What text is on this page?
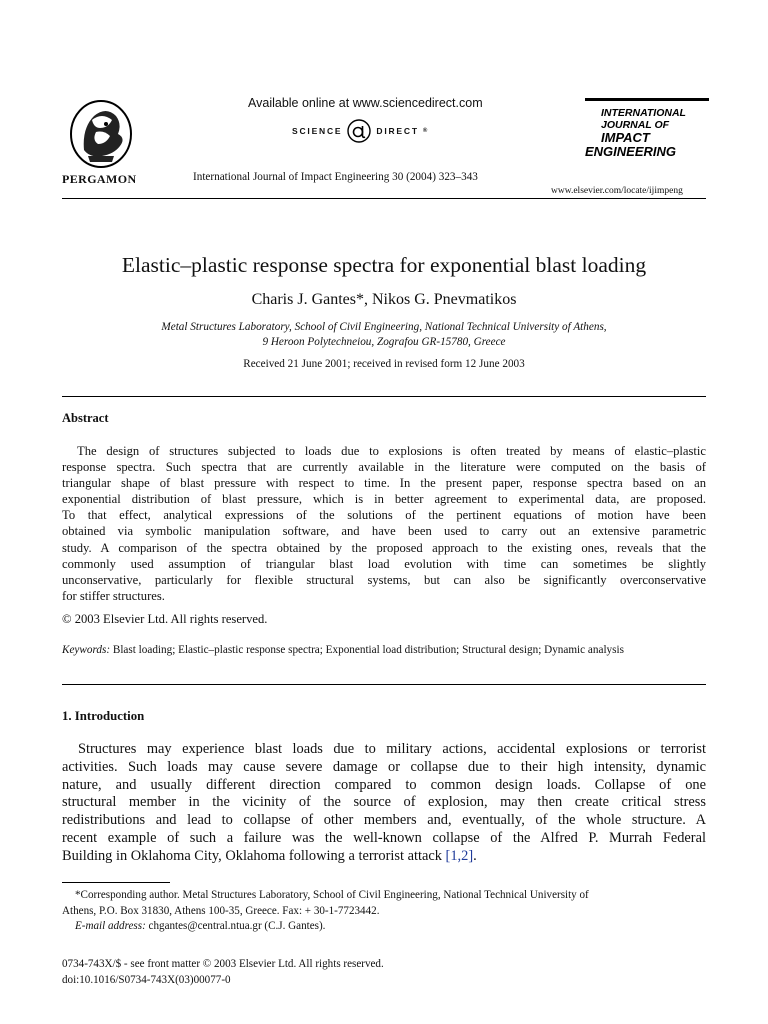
PERGAMON
Available online at www.sciencedirect.com
SCIENCE	DIRECT ®
International Journal of Impact Engineering 30 (2004) 323–343
INTERNATIONAL
JOURNAL OF
IMPACT
ENGINEERING
www.elsevier.com/locate/ijimpeng
Elastic–plastic response spectra for exponential blast loading
Charis J. Gantes*, Nikos G. Pnevmatikos
Metal Structures Laboratory, School of Civil Engineering, National Technical University of Athens,
9 Heroon Polytechneiou, Zografou GR-15780, Greece
Received 21 June 2001; received in revised form 12 June 2003
Abstract
The design of structures subjected to loads due to explosions is often treated by means of elastic–plastic
response spectra. Such spectra that are currently available in the literature were computed on the basis of
triangular shape of blast pressure with respect to time. In the present paper, response spectra based on an
exponential distribution of blast pressure, which is in better agreement to experimental data, are proposed.
To that effect, analytical expressions of the solutions of the pertinent equations of motion have been
obtained via symbolic manipulation software, and have been used to carry out an extensive parametric
study. A comparison of the spectra obtained by the proposed approach to the existing ones, reveals that the
commonly used assumption of triangular blast load evolution with time can sometimes be slightly
unconservative, particularly for flexible structural systems, but can also be significantly overconservative
for stiffer structures.
© 2003 Elsevier Ltd. All rights reserved.
Keywords: Blast loading; Elastic–plastic response spectra; Exponential load distribution; Structural design; Dynamic analysis
1. Introduction
Structures may experience blast loads due to military actions, accidental explosions or terrorist
activities. Such loads may cause severe damage or collapse due to their high intensity, dynamic
nature, and usually different direction compared to common design loads. Collapse of one
structural member in the vicinity of the source of explosion, may then create critical stress
redistributions and lead to collapse of other members and, eventually, of the whole structure. A
recent example of such a failure was the well-known collapse of the Alfred P. Murrah Federal
Building in Oklahoma City, Oklahoma following a terrorist attack [1,2].
*Corresponding author. Metal Structures Laboratory, School of Civil Engineering, National Technical University of
Athens, P.O. Box 31830, Athens 100-35, Greece. Fax: + 30-1-7723442.
E-mail address: chgantes@central.ntua.gr (C.J. Gantes).
0734-743X/$ - see front matter © 2003 Elsevier Ltd. All rights reserved.
doi:10.1016/S0734-743X(03)00077-0
